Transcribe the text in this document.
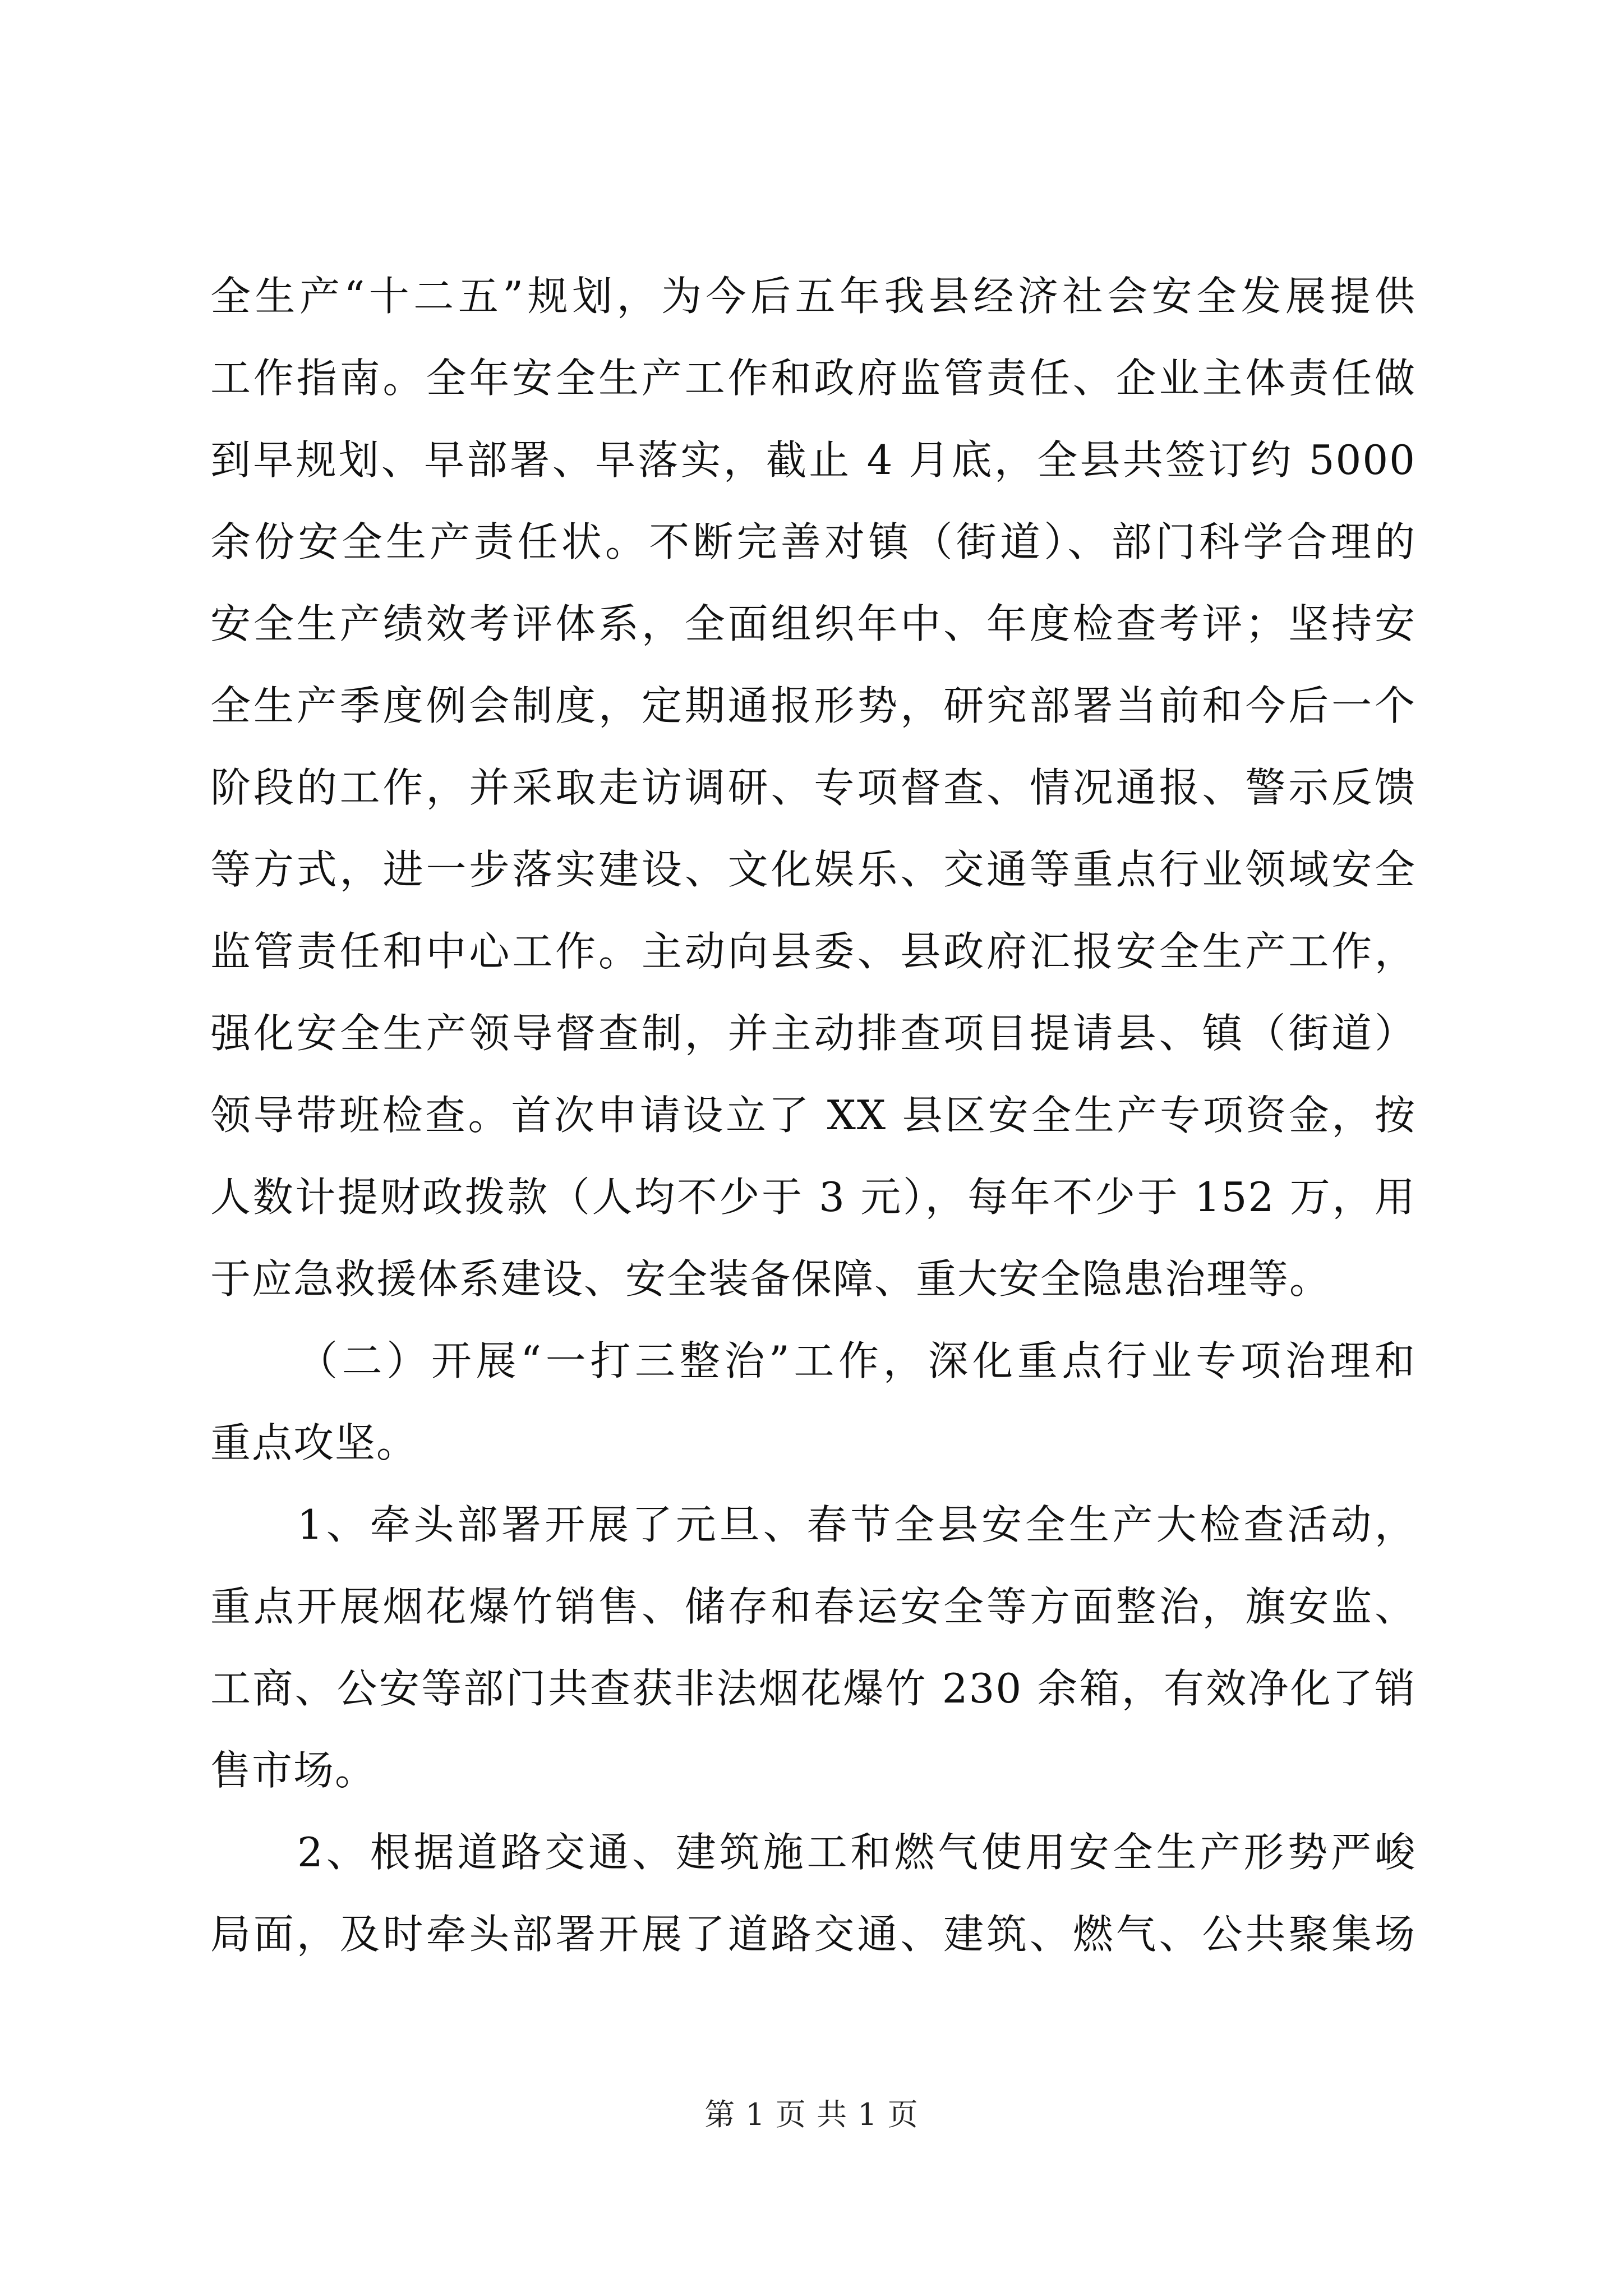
全生产“十二五”规划，为今后五年我县经济社会安全发展提供
工作指南。全年安全生产工作和政府监管责任、企业主体责任做
到早规划、早部署、早落实，截止 4 月底，全县共签订约 5000
余份安全生产责任状。不断完善对镇（街道）、部门科学合理的
安全生产绩效考评体系，全面组织年中、年度检查考评；坚持安
全生产季度例会制度，定期通报形势，研究部署当前和今后一个
阶段的工作，并采取走访调研、专项督查、情况通报、警示反馈
等方式，进一步落实建设、文化娱乐、交通等重点行业领域安全
监管责任和中心工作。主动向县委、县政府汇报安全生产工作，
强化安全生产领导督查制，并主动排查项目提请县、镇（街道）
领导带班检查。首次申请设立了 XX 县区安全生产专项资金，按
人数计提财政拨款（人均不少于 3 元），每年不少于 152 万，用
于应急救援体系建设、安全装备保障、重大安全隐患治理等。
（二）开展“一打三整治”工作，深化重点行业专项治理和
重点攻坚。
1、牵头部署开展了元旦、春节全县安全生产大检查活动，
重点开展烟花爆竹销售、储存和春运安全等方面整治，旗安监、
工商、公安等部门共查获非法烟花爆竹 230 余箱，有效净化了销
售市场。
2、根据道路交通、建筑施工和燃气使用安全生产形势严峻
局面，及时牵头部署开展了道路交通、建筑、燃气、公共聚集场
第 1 页 共 1 页
